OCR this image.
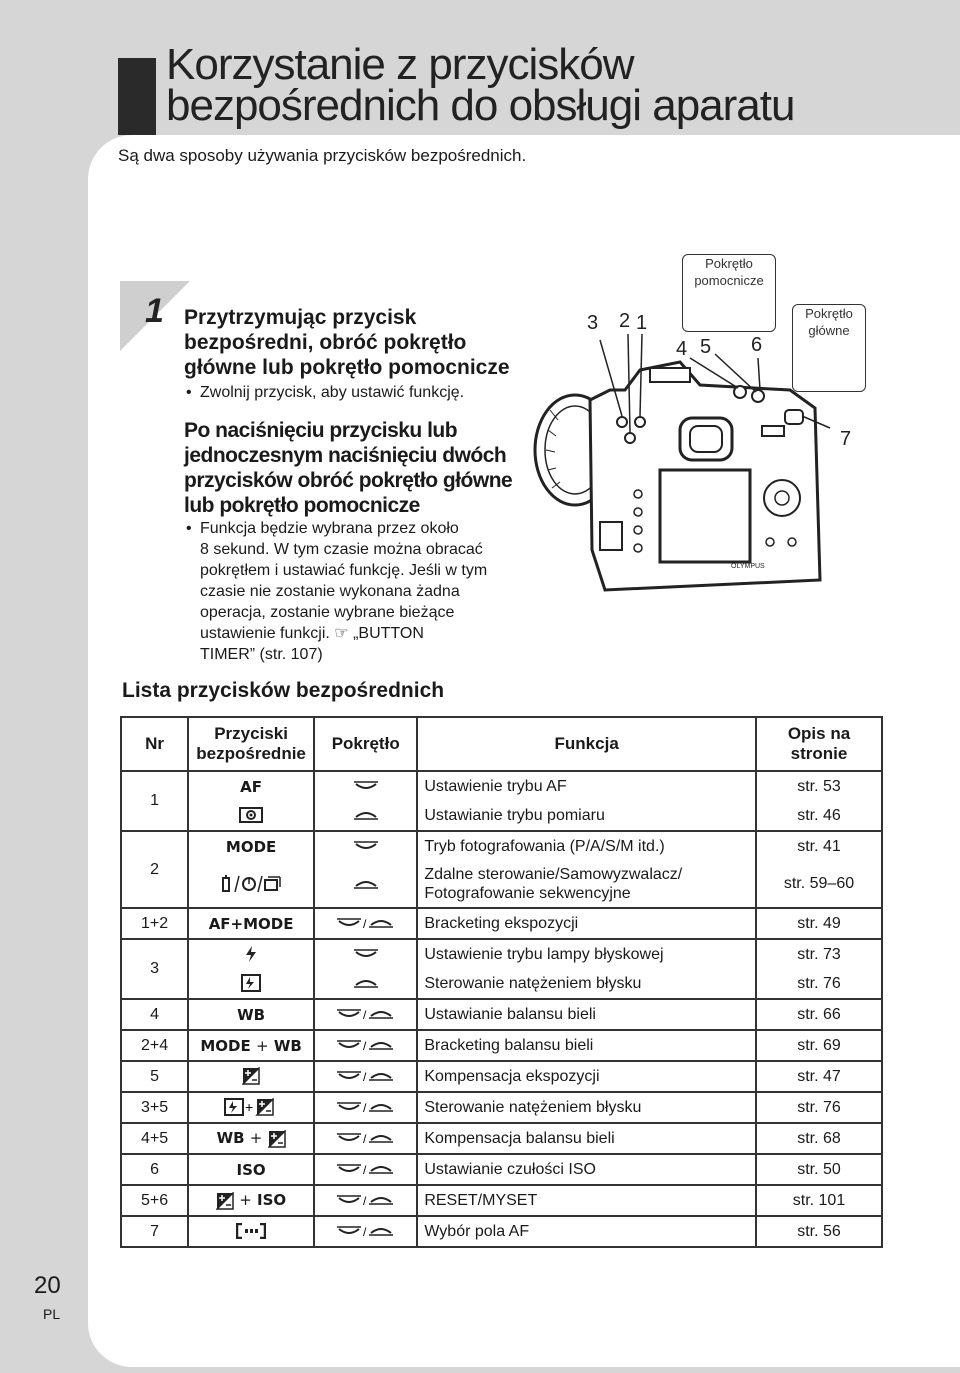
Korzystanie z przycisków
bezpośrednich do obsługi aparatu
Są dwa sposoby używania przycisków bezpośrednich.
1 Przytrzymując przycisk
bezpośredni, obróć pokrętło
główne lub pokrętło pomocnicze
• Zwolnij przycisk, aby ustawić funkcję.
Po naciśnięciu przycisku lub
jednoczesnym naciśnięciu dwóch
przycisków obróć pokrętło główne
lub pokrętło pomocnicze
• Funkcja będzie wybrana przez około
8 sekund. W tym czasie można obracać
pokrętłem i ustawiać funkcję. Jeśli w tym
czasie nie zostanie wykonana żadna
operacja, zostanie wybrane bieżące
ustawienie funkcji. ☞ „BUTTON
TIMER” (str. 107)
OLYMPUS
Pokrętło
pomocnicze
Pokrętło
główne
3 2 1
4 5 6
7
Lista przycisków bezpośrednich
Nr	Przyciski
bezpośrednie	Pokrętło	Funkcja	Opis na
stronie
1	AF		Ustawienie trybu AF	str. 53
		Ustawianie trybu pomiaru	str. 46
2	MODE		Tryb fotografowania (P/A/S/M itd.)	str. 41
		Zdalne sterowanie/Samowyzwalacz/
Fotografowanie sekwencyjne	str. 59–60
1+2	AF+MODE	/	Bracketing ekspozycji	str. 49
3			Ustawienie trybu lampy błyskowej	str. 73
		Sterowanie natężeniem błysku	str. 76
4	WB	/	Ustawianie balansu bieli	str. 66
2+4	MODE + WB	/	Bracketing balansu bieli	str. 69
5		/	Kompensacja ekspozycji	str. 47
3+5	+	/	Sterowanie natężeniem błysku	str. 76
4+5	WB +	/	Kompensacja balansu bieli	str. 68
6	ISO	/	Ustawianie czułości ISO	str. 50
5+6	+ ISO	/	RESET/MYSET	str. 101
7		/	Wybór pola AF	str. 56
20
PL
